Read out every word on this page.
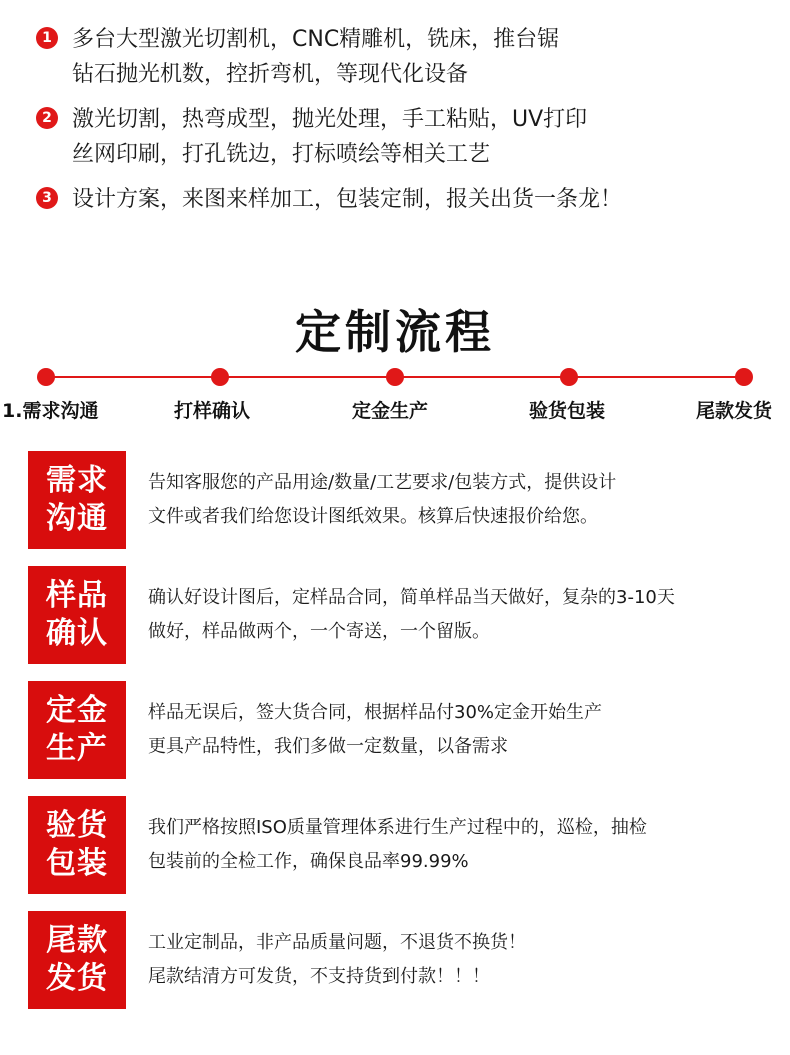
1 多台大型激光切割机，CNC精雕机，铣床，推台锯
钻石抛光机数，控折弯机，等现代化设备
2 激光切割，热弯成型，抛光处理，手工粘贴，UV打印
丝网印刷，打孔铣边，打标喷绘等相关工艺
3 设计方案，来图来样加工，包装定制，报关出货一条龙！
定制流程
1.需求沟通	打样确认	定金生产	验货包装	尾款发货
需求
沟通
告知客服您的产品用途/数量/工艺要求/包装方式，提供设计
文件或者我们给您设计图纸效果。核算后快速报价给您。
样品
确认
确认好设计图后，定样品合同，简单样品当天做好，复杂的3-10天
做好，样品做两个，一个寄送，一个留版。
定金
生产
样品无误后，签大货合同，根据样品付30%定金开始生产
更具产品特性，我们多做一定数量，以备需求
验货
包装
我们严格按照ISO质量管理体系进行生产过程中的，巡检，抽检
包装前的全检工作，确保良品率99.99%
尾款
发货
工业定制品，非产品质量问题，不退货不换货！
尾款结清方可发货，不支持货到付款！！！
